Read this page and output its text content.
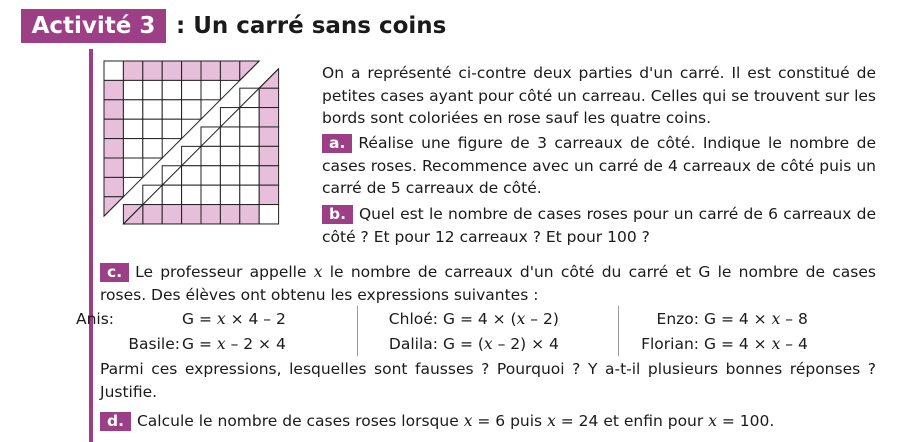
Activité 3 : Un carré sans coins

On a représenté ci-contre deux parties d'un carré. Il est constitué de petites cases ayant pour côté un carreau. Celles qui se trouvent sur les bords sont coloriées en rose sauf les quatre coins.

a. Réalise une figure de 3 carreaux de côté. Indique le nombre de cases roses. Recommence avec un carré de 4 carreaux de côté puis un carré de 5 carreaux de côté.

b. Quel est le nombre de cases roses pour un carré de 6 carreaux de côté ? Et pour 12 carreaux ? Et pour 100 ?

c. Le professeur appelle x le nombre de carreaux d'un côté du carré et G le nombre de cases roses. Des élèves ont obtenu les expressions suivantes :

Anis:	G = x × 4 – 2
Basile: G = x – 2 × 4
Chloé: G = 4 × (x – 2)
Dalila: G = (x – 2) × 4
Enzo: G = 4 × x – 8
Florian: G = 4 × x – 4

Parmi ces expressions, lesquelles sont fausses ? Pourquoi ? Y a-t-il plusieurs bonnes réponses ? Justifie.

d. Calcule le nombre de cases roses lorsque x = 6 puis x = 24 et enfin pour x = 100.
